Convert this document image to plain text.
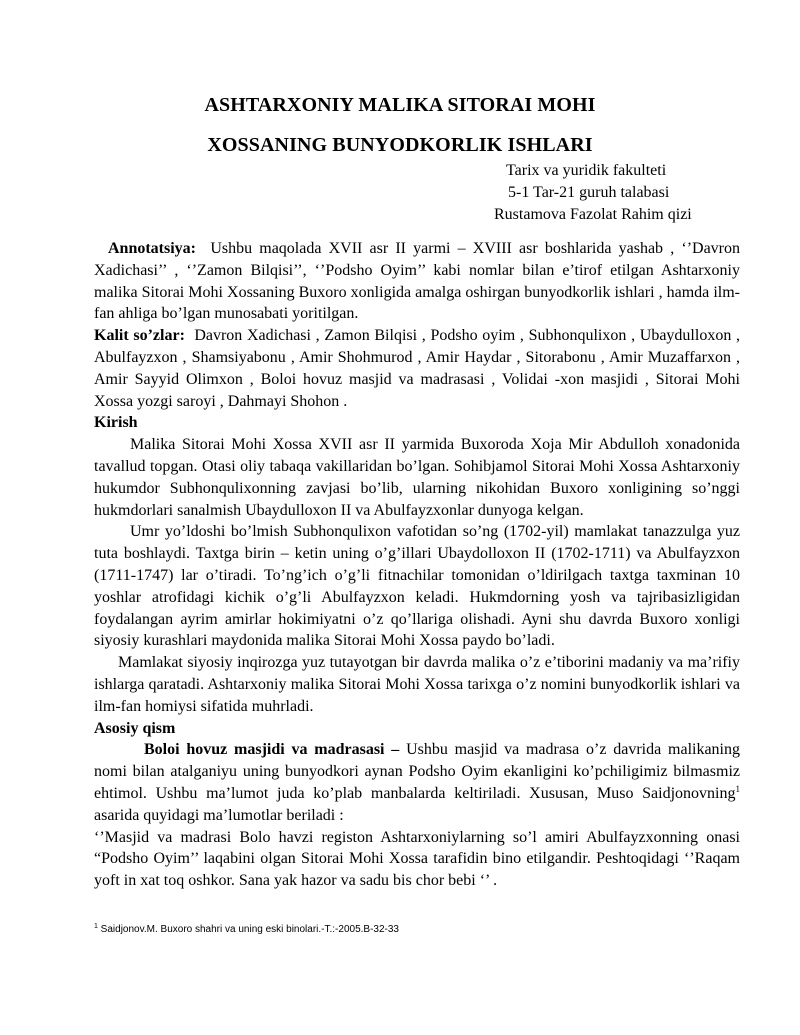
ASHTARXONIY MALIKA SITORAI MOHI
XOSSANING BUNYODKORLIK ISHLARI
Tarix va yuridik fakulteti
5-1 Tar-21 guruh talabasi
Rustamova Fazolat Rahim qizi

Annotatsiya: Ushbu maqolada XVII asr II yarmi – XVIII asr boshlarida yashab , ‘’Davron Xadichasi’’ , ‘’Zamon Bilqisi’’, ‘’Podsho Oyim’’ kabi nomlar bilan e’tirof etilgan Ashtarxoniy malika Sitorai Mohi Xossaning Buxoro xonligida amalga oshirgan bunyodkorlik ishlari , hamda ilm-fan ahliga bo’lgan munosabati yoritilgan.

Kalit so’zlar: Davron Xadichasi , Zamon Bilqisi , Podsho oyim , Subhonqulixon , Ubaydulloxon , Abulfayzxon , Shamsiyabonu , Amir Shohmurod , Amir Haydar , Sitorabonu , Amir Muzaffarxon , Amir Sayyid Olimxon , Boloi hovuz masjid va madrasasi , Volidai -xon masjidi , Sitorai Mohi Xossa yozgi saroyi , Dahmayi Shohon .

Kirish

Malika Sitorai Mohi Xossa XVII asr II yarmida Buxoroda Xoja Mir Abdulloh xonadonida tavallud topgan. Otasi oliy tabaqa vakillaridan bo’lgan. Sohibjamol Sitorai Mohi Xossa Ashtarxoniy hukumdor Subhonqulixonning zavjasi bo’lib, ularning nikohidan Buxoro xonligining so’nggi hukmdorlari sanalmish Ubaydulloxon II va Abulfayzxonlar dunyoga kelgan.

Umr yo’ldoshi bo’lmish Subhonqulixon vafotidan so’ng (1702-yil) mamlakat tanazzulga yuz tuta boshlaydi. Taxtga birin – ketin uning o’g’illari Ubaydolloxon II (1702-1711) va Abulfayzxon (1711-1747) lar o’tiradi. To’ng’ich o’g’li fitnachilar tomonidan o’ldirilgach taxtga taxminan 10 yoshlar atrofidagi kichik o’g’li Abulfayzxon keladi. Hukmdorning yosh va tajribasizligidan foydalangan ayrim amirlar hokimiyatni o’z qo’llariga olishadi. Ayni shu davrda Buxoro xonligi siyosiy kurashlari maydonida malika Sitorai Mohi Xossa paydo bo’ladi.

Mamlakat siyosiy inqirozga yuz tutayotgan bir davrda malika o’z e’tiborini madaniy va ma’rifiy ishlarga qaratadi. Ashtarxoniy malika Sitorai Mohi Xossa tarixga o’z nomini bunyodkorlik ishlari va ilm-fan homiysi sifatida muhrladi.

Asosiy qism

Boloi hovuz masjidi va madrasasi – Ushbu masjid va madrasa o’z davrida malikaning nomi bilan atalganiyu uning bunyodkori aynan Podsho Oyim ekanligini ko’pchiligimiz bilmasmiz ehtimol. Ushbu ma’lumot juda ko’plab manbalarda keltiriladi. Xususan, Muso Saidjonovning$^1$ asarida quyidagi ma’lumotlar beriladi :

‘’Masjid va madrasi Bolo havzi registon Ashtarxoniylarning so’l amiri Abulfayzxonning onasi “Podsho Oyim’’ laqabini olgan Sitorai Mohi Xossa tarafidin bino etilgandir. Peshtoqidagi ‘’Raqam yoft in xat toq oshkor. Sana yak hazor va sadu bis chor bebi ‘’ .

$^1$ Saidjonov.M. Buxoro shahri va uning eski binolari.-T.:-2005.B-32-33
